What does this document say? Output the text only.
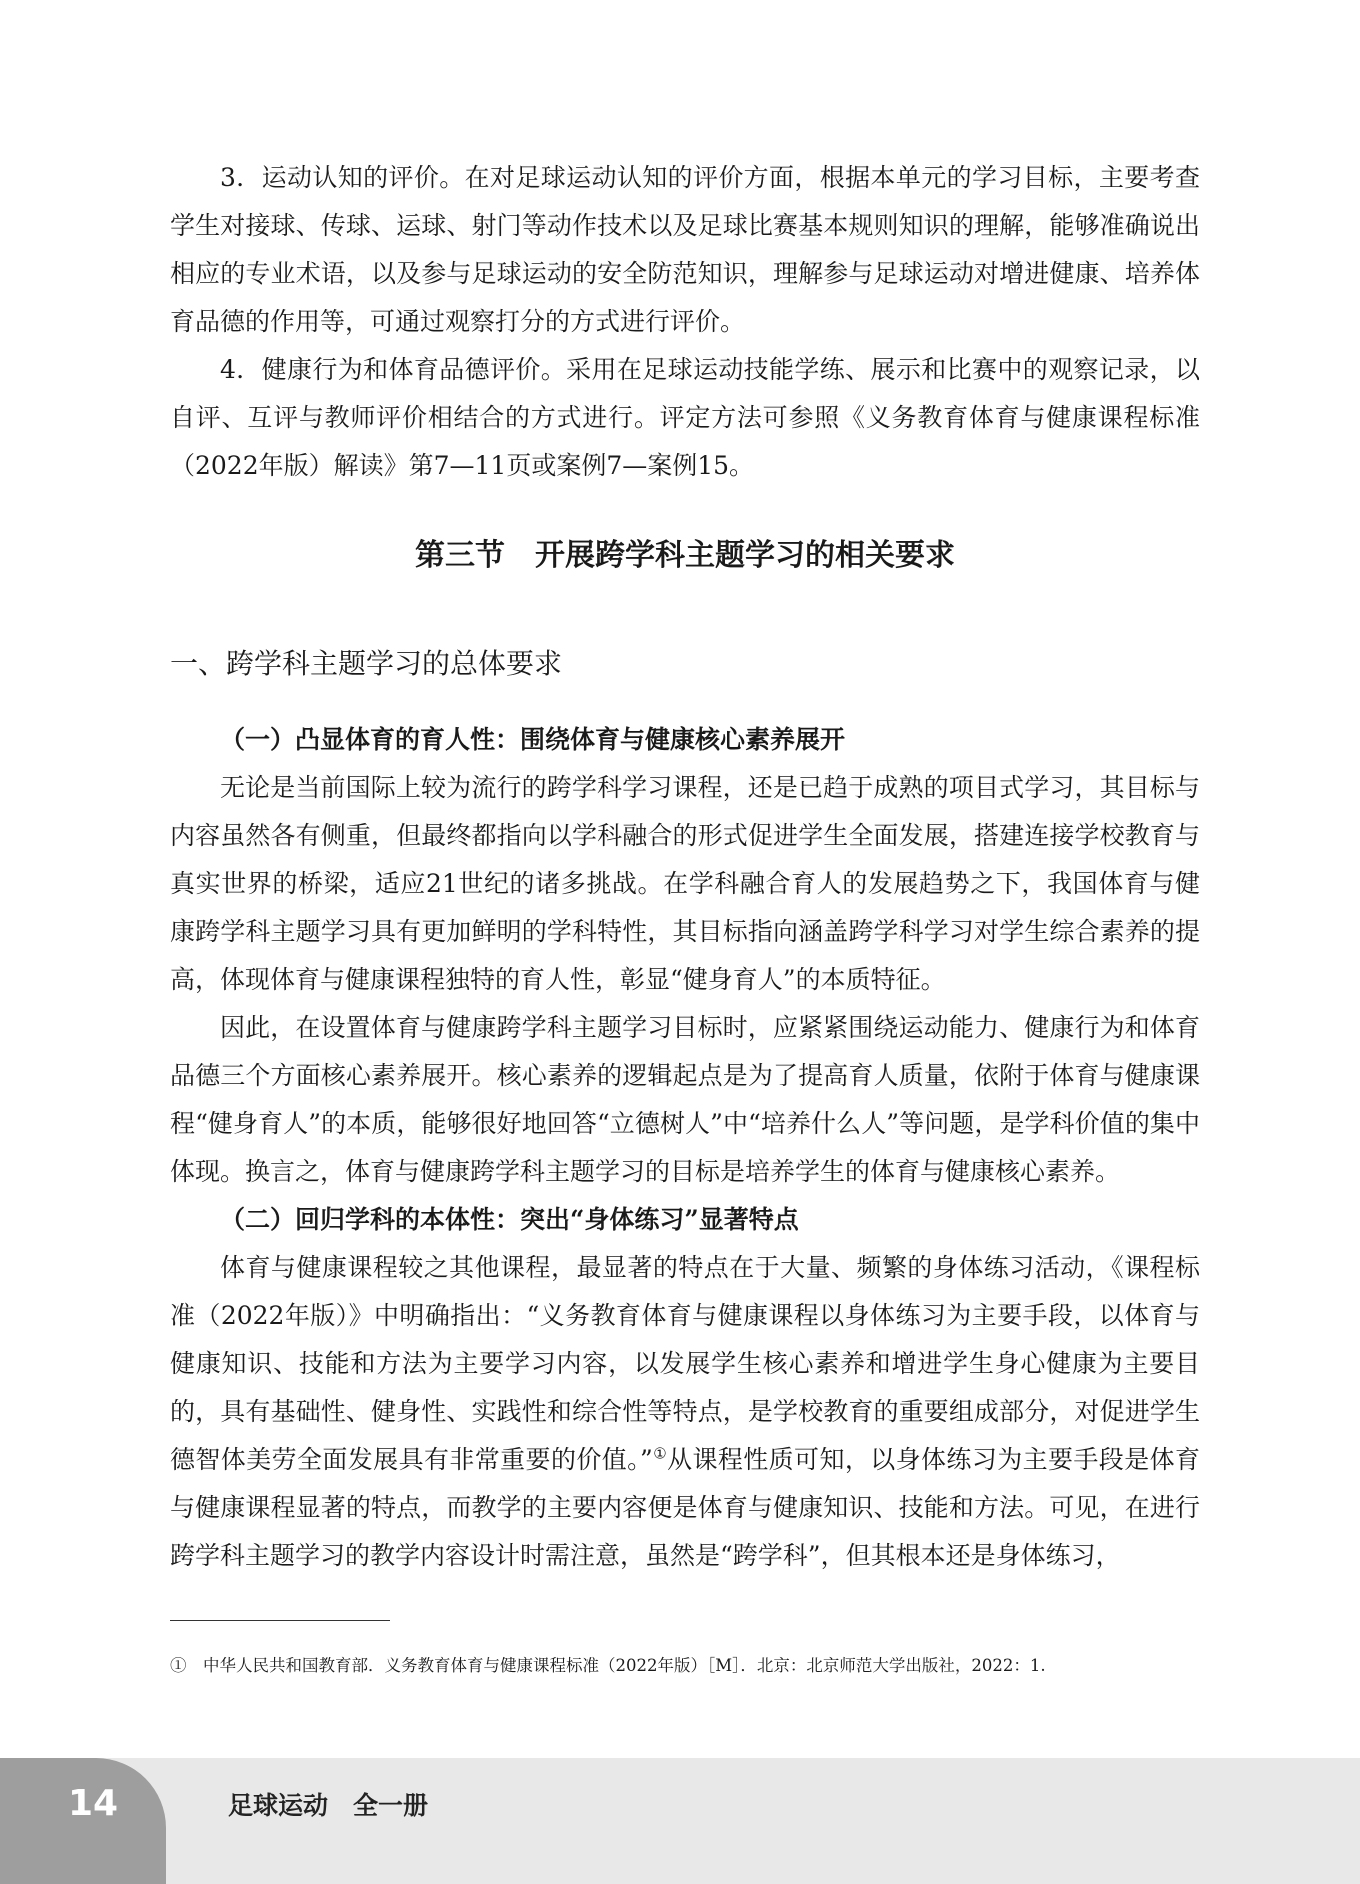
3．运动认知的评价。在对足球运动认知的评价方面，根据本单元的学习目标，主要考查学生对接球、传球、运球、射门等动作技术以及足球比赛基本规则知识的理解，能够准确说出相应的专业术语，以及参与足球运动的安全防范知识，理解参与足球运动对增进健康、培养体育品德的作用等，可通过观察打分的方式进行评价。

4．健康行为和体育品德评价。采用在足球运动技能学练、展示和比赛中的观察记录，以自评、互评与教师评价相结合的方式进行。评定方法可参照《义务教育体育与健康课程标准（2022年版）解读》第7—11页或案例7—案例15。

第三节　开展跨学科主题学习的相关要求
一、跨学科主题学习的总体要求
（一）凸显体育的育人性：围绕体育与健康核心素养展开

无论是当前国际上较为流行的跨学科学习课程，还是已趋于成熟的项目式学习，其目标与内容虽然各有侧重，但最终都指向以学科融合的形式促进学生全面发展，搭建连接学校教育与真实世界的桥梁，适应21世纪的诸多挑战。在学科融合育人的发展趋势之下，我国体育与健康跨学科主题学习具有更加鲜明的学科特性，其目标指向涵盖跨学科学习对学生综合素养的提高，体现体育与健康课程独特的育人性，彰显“健身育人”的本质特征。

因此，在设置体育与健康跨学科主题学习目标时，应紧紧围绕运动能力、健康行为和体育品德三个方面核心素养展开。核心素养的逻辑起点是为了提高育人质量，依附于体育与健康课程“健身育人”的本质，能够很好地回答“立德树人”中“培养什么人”等问题，是学科价值的集中体现。换言之，体育与健康跨学科主题学习的目标是培养学生的体育与健康核心素养。

（二）回归学科的本体性：突出“身体练习”显著特点

体育与健康课程较之其他课程，最显著的特点在于大量、频繁的身体练习活动，《课程标准（2022年版）》中明确指出：“义务教育体育与健康课程以身体练习为主要手段，以体育与健康知识、技能和方法为主要学习内容，以发展学生核心素养和增进学生身心健康为主要目的，具有基础性、健身性、实践性和综合性等特点，是学校教育的重要组成部分，对促进学生德智体美劳全面发展具有非常重要的价值。”①从课程性质可知，以身体练习为主要手段是体育与健康课程显著的特点，而教学的主要内容便是体育与健康知识、技能和方法。可见，在进行跨学科主题学习的教学内容设计时需注意，虽然是“跨学科”，但其根本还是身体练习，

①　中华人民共和国教育部．义务教育体育与健康课程标准（2022年版）［M］．北京：北京师范大学出版社，2022：1.
14	足球运动　全一册
